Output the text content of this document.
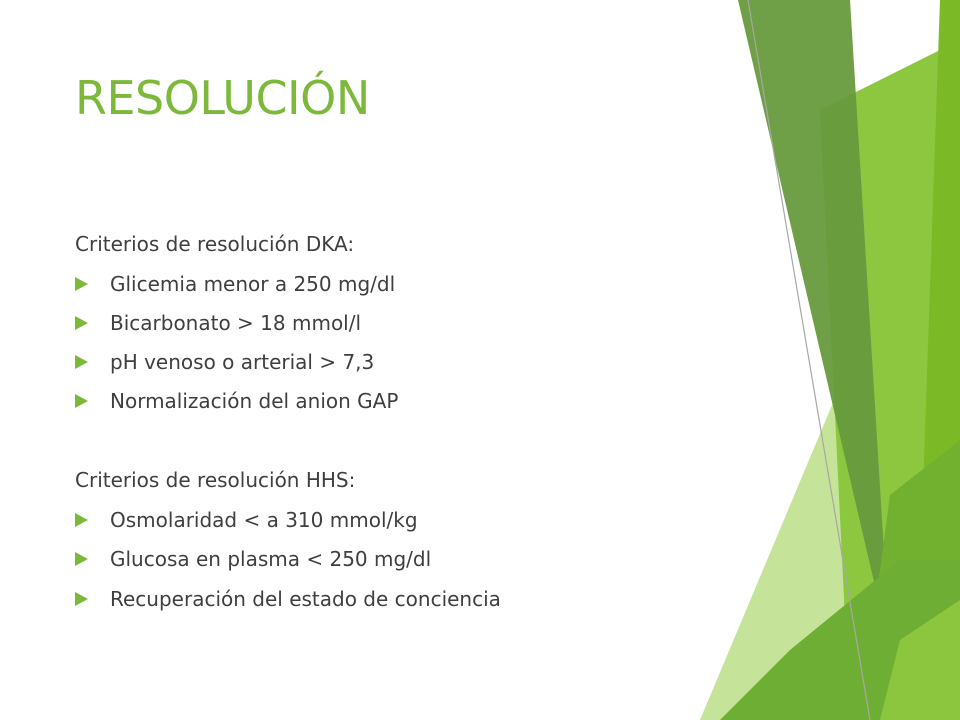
RESOLUCIÓN
Criterios de resolución DKA:
Glicemia menor a 250 mg/dl
Bicarbonato > 18 mmol/l
pH venoso o arterial > 7,3
Normalización del anion GAP
Criterios de resolución HHS:
Osmolaridad < a 310 mmol/kg
Glucosa en plasma < 250 mg/dl
Recuperación del estado de conciencia
